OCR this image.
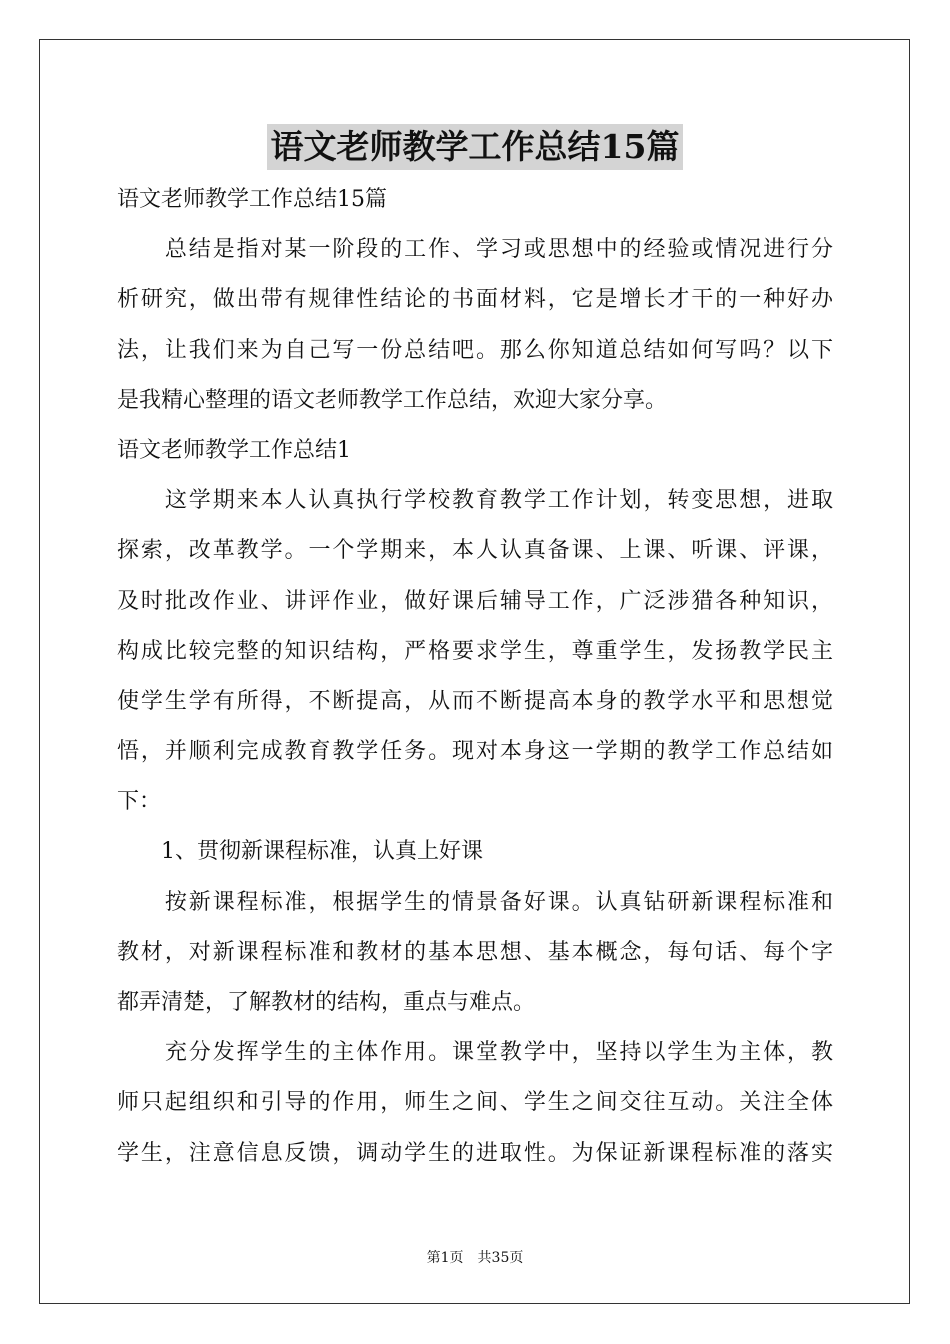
语文老师教学工作总结15篇
语文老师教学工作总结15篇
　　总结是指对某一阶段的工作、学习或思想中的经验或情况进行分
析研究，做出带有规律性结论的书面材料，它是增长才干的一种好办
法，让我们来为自己写一份总结吧。那么你知道总结如何写吗？以下
是我精心整理的语文老师教学工作总结，欢迎大家分享。
语文老师教学工作总结1
　　这学期来本人认真执行学校教育教学工作计划，转变思想，进取
探索，改革教学。一个学期来，本人认真备课、上课、听课、评课，
及时批改作业、讲评作业，做好课后辅导工作，广泛涉猎各种知识，
构成比较完整的知识结构，严格要求学生，尊重学生，发扬教学民主
使学生学有所得，不断提高，从而不断提高本身的教学水平和思想觉
悟，并顺利完成教育教学任务。现对本身这一学期的教学工作总结如
下：
　　1、贯彻新课程标准，认真上好课
　　按新课程标准，根据学生的情景备好课。认真钻研新课程标准和
教材，对新课程标准和教材的基本思想、基本概念，每句话、每个字
都弄清楚，了解教材的结构，重点与难点。
　　充分发挥学生的主体作用。课堂教学中，坚持以学生为主体，教
师只起组织和引导的作用，师生之间、学生之间交往互动。关注全体
学生，注意信息反馈，调动学生的进取性。为保证新课程标准的落实
第1页 共35页
